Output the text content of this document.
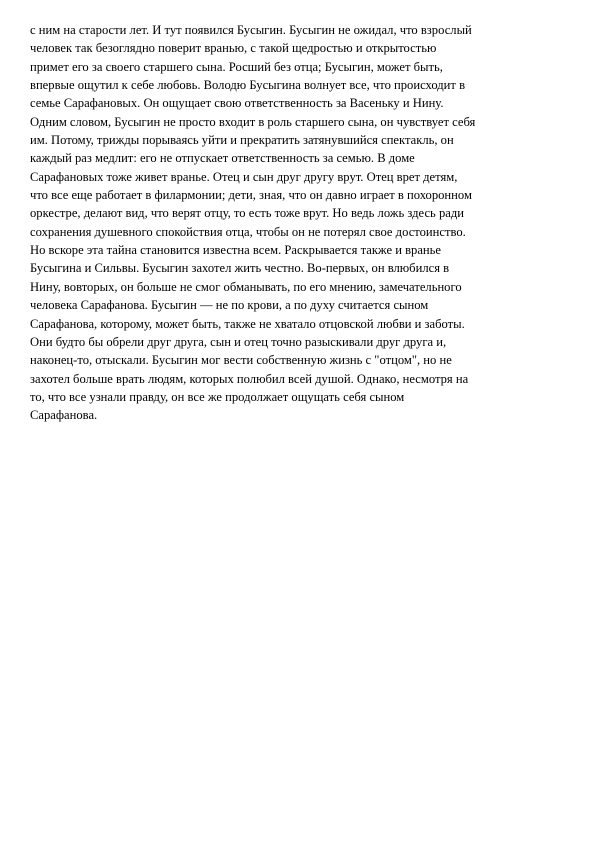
с ним на старости лет. И тут появился Бусыгин. Бусыгин не ожидал, что взрослый
человек так безоглядно поверит вранью, с такой щедростью и открытостью
примет его за своего старшего сына. Росший без отца; Бусыгин, может быть,
впервые ощутил к себе любовь. Володю Бусыгина волнует все, что происходит в
семье Сарафановых. Он ощущает свою ответственность за Васеньку и Нину.
Одним словом, Бусыгин не просто входит в роль старшего сына, он чувствует себя
им. Потому, трижды порываясь уйти и прекратить затянувшийся спектакль, он
каждый раз медлит: его не отпускает ответственность за семью. В доме
Сарафановых тоже живет вранье. Отец и сын друг другу врут. Отец врет детям,
что все еще работает в филармонии; дети, зная, что он давно играет в похоронном
оркестре, делают вид, что верят отцу, то есть тоже врут. Но ведь ложь здесь ради
сохранения душевного спокойствия отца, чтобы он не потерял свое достоинство.
Но вскоре эта тайна становится известна всем. Раскрывается также и вранье
Бусыгина и Сильвы. Бусыгин захотел жить честно. Во-первых, он влюбился в
Нину, вовторых, он больше не смог обманывать, по его мнению, замечательного
человека Сарафанова. Бусыгин — не по крови, а по духу считается сыном
Сарафанова, которому, может быть, также не хватало отцовской любви и заботы.
Они будто бы обрели друг друга, сын и отец точно разыскивали друг друга и,
наконец-то, отыскали. Бусыгин мог вести собственную жизнь с "отцом", но не
захотел больше врать людям, которых полюбил всей душой. Однако, несмотря на
то, что все узнали правду, он все же продолжает ощущать себя сыном
Сарафанова.
